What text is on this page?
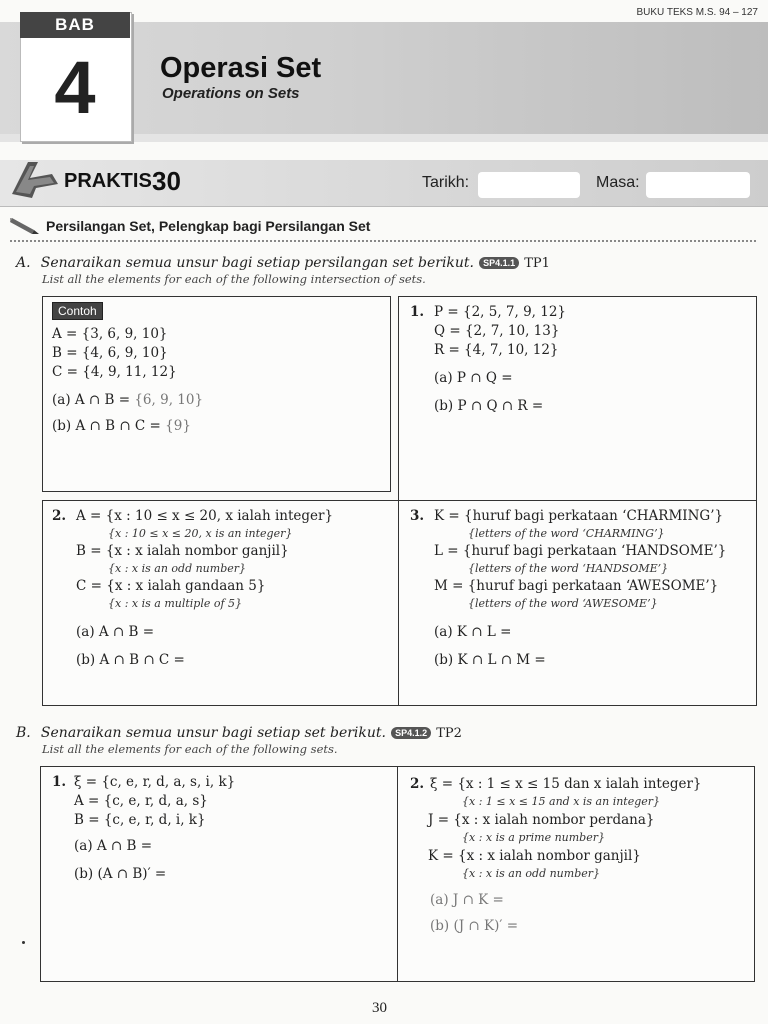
BUKU TEKS M.S. 94 – 127
BAB
4	Operasi Set
Operations on Sets
PRAKTIS 30	Tarikh:	Masa:
Persilangan Set, Pelengkap bagi Persilangan Set
A. Senaraikan semua unsur bagi setiap persilangan set berikut. SP4.1.1 TP1
List all the elements for each of the following intersection of sets.
Contoh
A = {3, 6, 9, 10}
B = {4, 6, 9, 10}
C = {4, 9, 11, 12}
(a) A ∩ B = {6, 9, 10}
(b) A ∩ B ∩ C = {9}
1. P = {2, 5, 7, 9, 12}
Q = {2, 7, 10, 13}
R = {4, 7, 10, 12}
(a) P ∩ Q =
(b) P ∩ Q ∩ R =
2. A = {x : 10 ≤ x ≤ 20, x ialah integer}
{x : 10 ≤ x ≤ 20, x is an integer}
B = {x : x ialah nombor ganjil}
{x : x is an odd number}
C = {x : x ialah gandaan 5}
{x : x is a multiple of 5}
(a) A ∩ B =
(b) A ∩ B ∩ C =
3. K = {huruf bagi perkataan ‘CHARMING’}
{letters of the word ‘CHARMING’}
L = {huruf bagi perkataan ‘HANDSOME’}
{letters of the word ‘HANDSOME’}
M = {huruf bagi perkataan ‘AWESOME’}
{letters of the word ‘AWESOME’}
(a) K ∩ L =
(b) K ∩ L ∩ M =
B. Senaraikan semua unsur bagi setiap set berikut. SP4.1.2 TP2
List all the elements for each of the following sets.
1. ξ = {c, e, r, d, a, s, i, k}
A = {c, e, r, d, a, s}
B = {c, e, r, d, i, k}
(a) A ∩ B =
(b) (A ∩ B)′ =
2. ξ = {x : 1 ≤ x ≤ 15 dan x ialah integer}
{x : 1 ≤ x ≤ 15 and x is an integer}
J = {x : x ialah nombor perdana}
{x : x is a prime number}
K = {x : x ialah nombor ganjil}
{x : x is an odd number}
(a) J ∩ K =
(b) (J ∩ K)′ =
30
